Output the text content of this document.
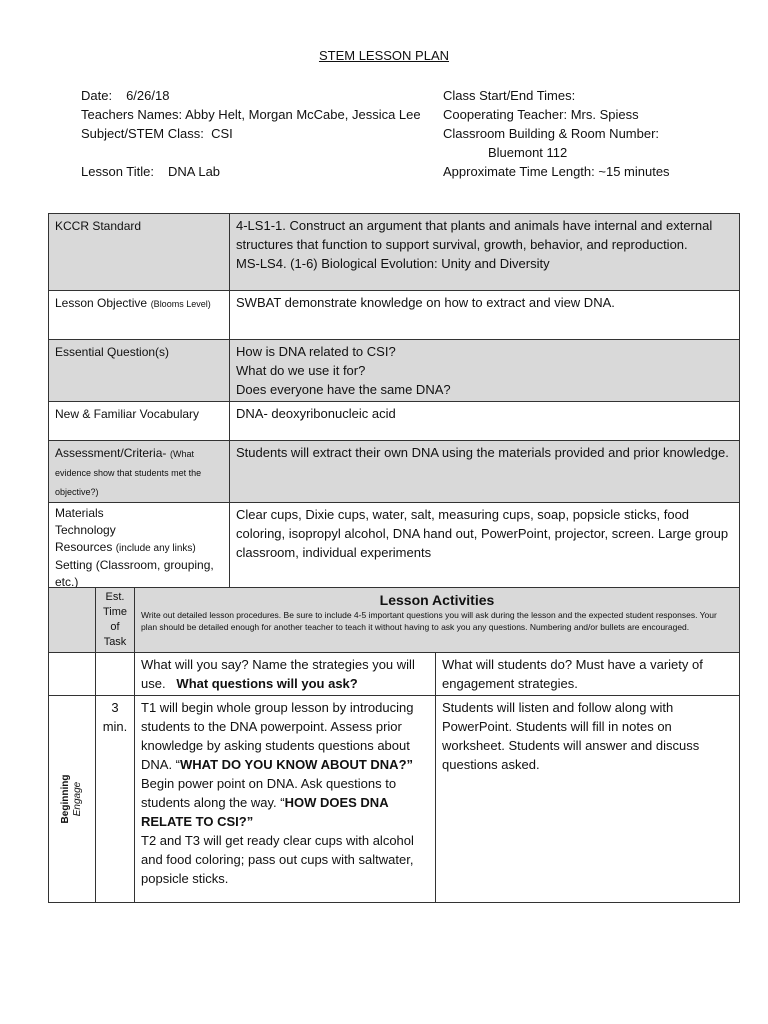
STEM LESSON PLAN
Date: 6/26/18
Teachers Names: Abby Helt, Morgan McCabe, Jessica Lee
Subject/STEM Class: CSI
Lesson Title: DNA Lab
Class Start/End Times:
Cooperating Teacher: Mrs. Spiess
Classroom Building & Room Number:
Bluemont 112
Approximate Time Length: ~15 minutes
KCCR Standard	4-LS1-1. Construct an argument that plants and animals have internal and external structures that function to support survival, growth, behavior, and reproduction.
MS-LS4. (1-6) Biological Evolution: Unity and Diversity

Lesson Objective (Blooms Level)	SWBAT demonstrate knowledge on how to extract and view DNA.
Essential Question(s)	How is DNA related to CSI?
What do we use it for?
Does everyone have the same DNA?

New & Familiar Vocabulary	DNA- deoxyribonucleic acid
Assessment/Criteria- (What evidence show that students met the objective?)	Students will extract their own DNA using the materials provided and prior knowledge.

Materials
Technology
Resources (include any links)
Setting (Classroom, grouping, etc.)	Clear cups, Dixie cups, water, salt, measuring cups, soap, popsicle sticks, food coloring, isopropyl alcohol, DNA hand out, PowerPoint, projector, screen. Large group classroom, individual experiments
	Est. Time of Task	Lesson Activities
Write out detailed lesson procedures. Be sure to include 4-5 important questions you will ask during the lesson and the expected student responses. Your plan should be detailed enough for another teacher to teach it without having to ask you any questions. Numbering and/or bullets are encouraged.	

		What will you say? Name the strategies you will use. What questions will you ask?	What will students do? Must have a variety of engagement strategies.

Beginning Engage	3 min.	T1 will begin whole group lesson by introducing students to the DNA powerpoint. Assess prior knowledge by asking students questions about DNA. “WHAT DO YOU KNOW ABOUT DNA?” Begin power point on DNA. Ask questions to students along the way. “HOW DOES DNA RELATE TO CSI?”
T2 and T3 will get ready clear cups with alcohol and food coloring; pass out cups with saltwater, popsicle sticks.	Students will listen and follow along with PowerPoint. Students will fill in notes on worksheet. Students will answer and discuss questions asked.
